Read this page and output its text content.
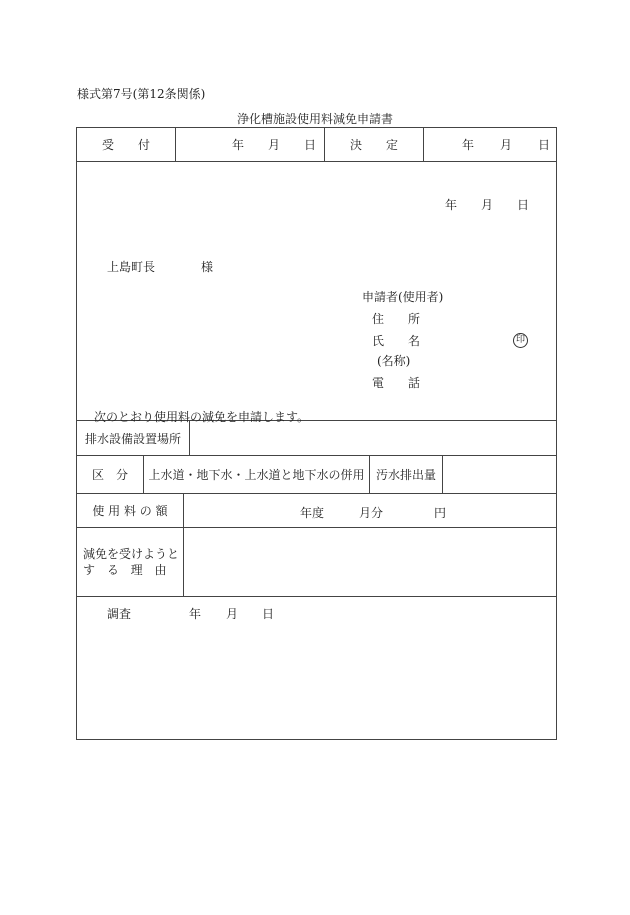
様式第7号(第12条関係)
浄化槽施設使用料減免申請書
受　　付	年 月 日	決　　定	年 月 日

年 月 日
上島町長	様
申請者(使用者)
住　　所
氏　　名	印
(名称)
電　　話
次のとおり使用料の減免を申請します。

排水設備設置場所

区　分 上水道・地下水・上水道と地下水の併用 汚水排出量

使 用 料 の 額	年度	月分	円

減免を受けようと
す る 理 由

調査	年 月 日
